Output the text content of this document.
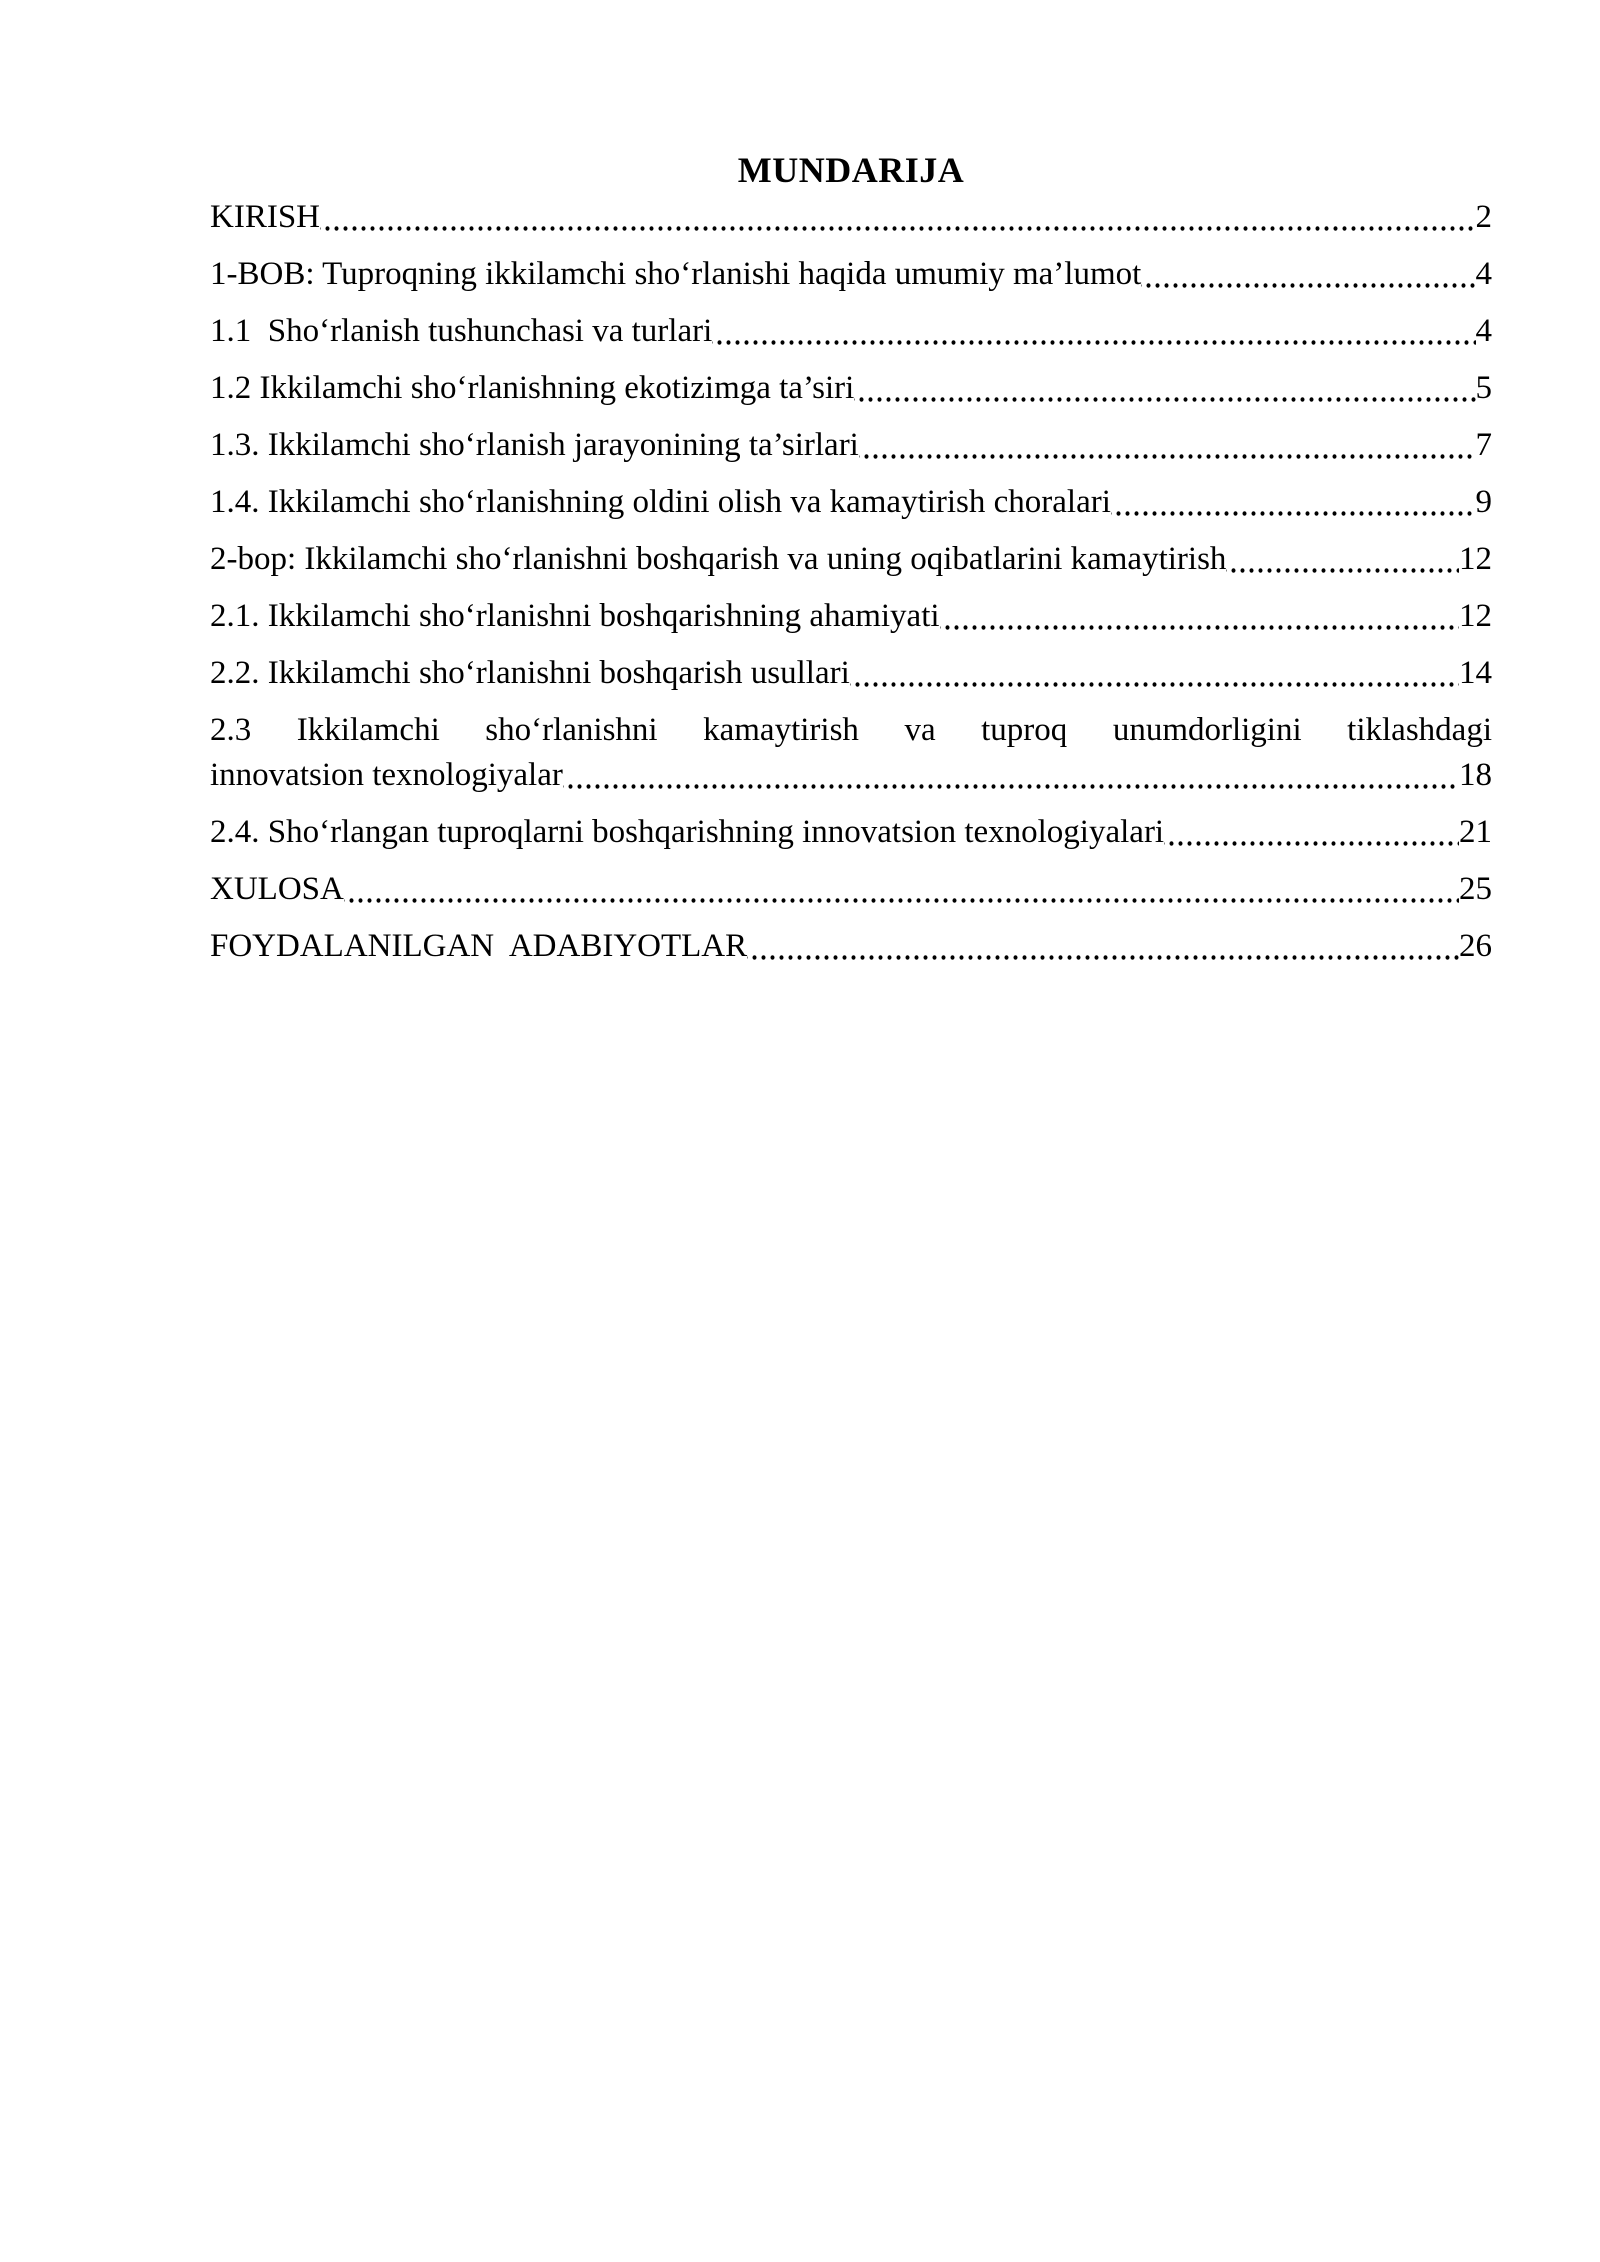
MUNDARIJA
KIRISH	2
1-BOB: Tuproqning ikkilamchi sho‘rlanishi haqida umumiy ma’lumot	4
1.1  Sho‘rlanish tushunchasi va turlari	4
1.2 Ikkilamchi sho‘rlanishning ekotizimga ta’siri	5
1.3. Ikkilamchi sho‘rlanish jarayonining ta’sirlari	7
1.4. Ikkilamchi sho‘rlanishning oldini olish va kamaytirish choralari	9
2-bop: Ikkilamchi sho‘rlanishni boshqarish va uning oqibatlarini kamaytirish	12
2.1. Ikkilamchi sho‘rlanishni boshqarishning ahamiyati	12
2.2. Ikkilamchi sho‘rlanishni boshqarish usullari	14
2.3 Ikkilamchi sho‘rlanishni kamaytirish va tuproq unumdorligini tiklashdagi
innovatsion texnologiyalar	18
2.4. Sho‘rlangan tuproqlarni boshqarishning innovatsion texnologiyalari	21
XULOSA	25
FOYDALANILGAN  ADABIYOTLAR	26
